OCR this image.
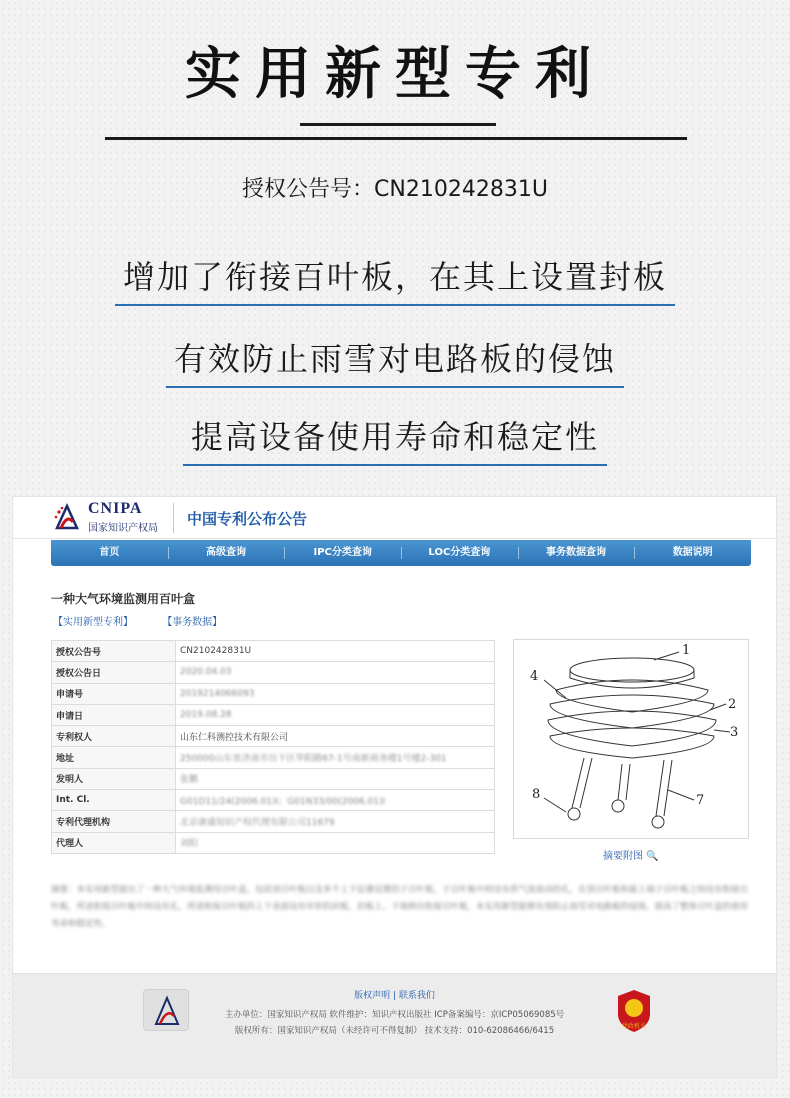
实用新型专利
授权公告号：CN210242831U
增加了衔接百叶板，在其上设置封板
有效防止雨雪对电路板的侵蚀
提高设备使用寿命和稳定性
CNIPA
国家知识产权局
中国专利公布公告
首页	高级查询	IPC分类查询	LOC分类查询	事务数据查询	数据说明
一种大气环境监测用百叶盒
【实用新型专利】	【事务数据】
授权公告号	CN210242831U
授权公告日	2020.04.03
申请号	2019214066093
申请日	2019.08.28
专利权人	山东仁科测控技术有限公司
地址	250000山东省济南市历下区华阳路67-1号南新商务楼1号楼2-301
发明人	张鹏
Int. Cl.	G01D11/24(2006.01)I；G01N33/00(2006.01)I
专利代理机构	北京康盛知识产权代理有限公司11679
代理人	刘阳
1
2
3
4
7
8
摘要附图 🔍
摘要：本实用新型提出了一种大气环境监测用百叶盒，包括顶百叶板以及多个上下层叠设置的子百叶板，子百叶板中间设有供气流流动的孔，在顶百叶板和最上端子百叶板之间设有衔接百叶板，所述衔接百叶板中间设有孔，所述衔接百叶板的上下表面设有环形的封板，封板上、下端伸出衔接百叶板，本实用新型能够有效防止雨雪对电路板的侵蚀，提高了整体百叶盒的使用寿命和稳定性。
版权声明 | 联系我们
主办单位：国家知识产权局 软件维护：知识产权出版社 ICP备案编号：京ICP05069085号
版权所有：国家知识产权局（未经许可不得复制） 技术支持：010-62086466/6415	党政机关
